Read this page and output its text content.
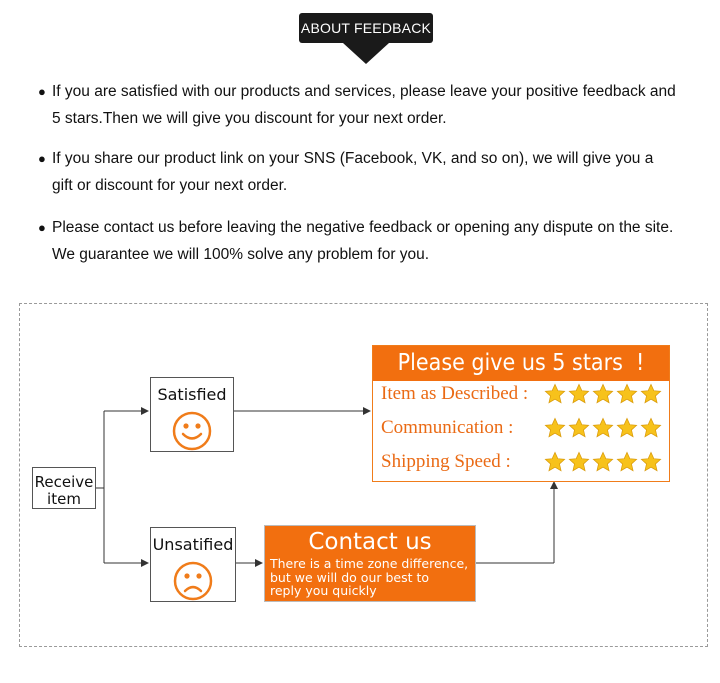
ABOUT FEEDBACK
● If you are satisfied with our products and services, please leave your positive feedback and
5 stars.Then we will give you discount for your next order.
● If you share our product link on your SNS (Facebook, VK, and so on), we will give you a
gift or discount for your next order.
● Please contact us before leaving the negative feedback or opening any dispute on the site.
We guarantee we will 100% solve any problem for you.
Receive
item
Satisfied
Unsatified
Please give us 5 stars  !
Item as Described :
Communication :
Shipping Speed :
Contact us
There is a time zone difference,
but we will do our best to
reply you quickly
